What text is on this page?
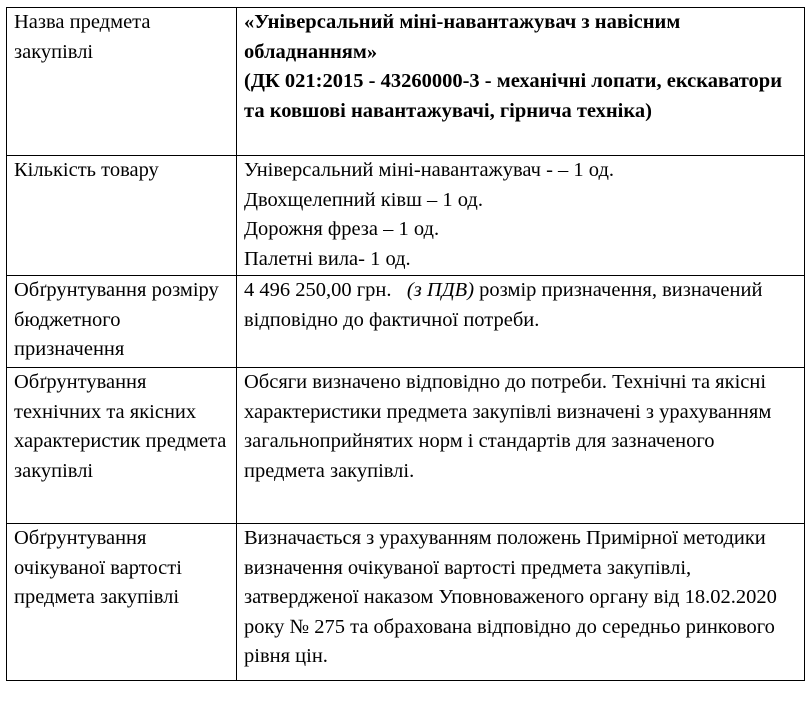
Назва предмета закупівлі	«Універсальний міні-навантажувач з навісним обладнанням»
(ДК 021:2015 - 43260000-3 - механічні лопати, екскаватори та ковшові навантажувачі, гірнича техніка)

Кількість товару	Універсальний міні-навантажувач - – 1 од.
Двохщелепний ківш – 1 од.
Дорожня фреза – 1 од.
Палетні вила- 1 од.

Обґрунтування розміру бюджетного призначення	4 496 250,00 грн. (з ПДВ) розмір призначення, визначений відповідно до фактичної потреби.
Обґрунтування технічних та якісних характеристик предмета закупівлі	Обсяги визначено відповідно до потреби. Технічні та якісні характеристики предмета закупівлі визначені з урахуванням загальноприйнятих норм і стандартів для зазначеного предмета закупівлі.
Обґрунтування очікуваної вартості предмета закупівлі	Визначається з урахуванням положень Примірної методики визначення очікуваної вартості предмета закупівлі, затвердженої наказом Уповноваженого органу від 18.02.2020 року № 275 та обрахована відповідно до середньо ринкового рівня цін.
